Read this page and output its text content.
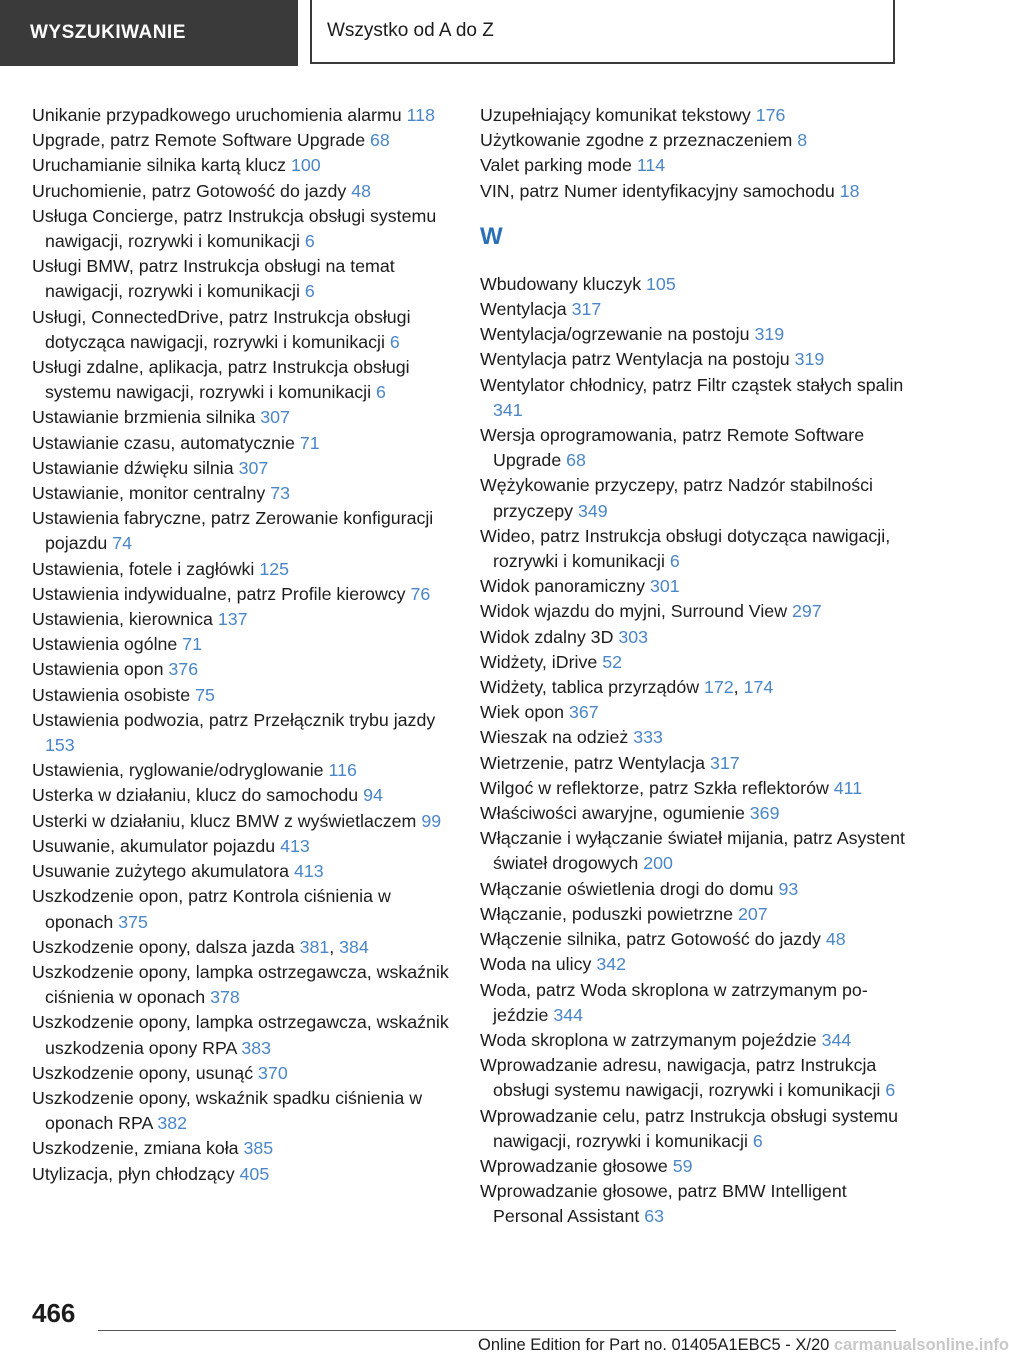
WYSZUKIWANIE	Wszystko od A do Z
Unikanie przypadkowego uruchomienia alarmu 118
Upgrade, patrz Remote Software Upgrade 68
Uruchamianie silnika kartą klucz 100
Uruchomienie, patrz Gotowość do jazdy 48
Usługa Concierge, patrz Instrukcja obsługi systemu nawigacji, rozrywki i komunikacji 6
Usługi BMW, patrz Instrukcja obsługi na temat nawigacji, rozrywki i komunikacji 6
Usługi, ConnectedDrive, patrz Instrukcja obsługi dotycząca nawigacji, rozrywki i komunikacji 6
Usługi zdalne, aplikacja, patrz Instrukcja obsługi systemu nawigacji, rozrywki i komunikacji 6
Ustawianie brzmienia silnika 307
Ustawianie czasu, automatycznie 71
Ustawianie dźwięku silnia 307
Ustawianie, monitor centralny 73
Ustawienia fabryczne, patrz Zerowanie konfiguracji pojazdu 74
Ustawienia, fotele i zagłówki 125
Ustawienia indywidualne, patrz Profile kierowcy 76
Ustawienia, kierownica 137
Ustawienia ogólne 71
Ustawienia opon 376
Ustawienia osobiste 75
Ustawienia podwozia, patrz Przełącznik trybu jazdy 153
Ustawienia, ryglowanie/odryglowanie 116
Usterka w działaniu, klucz do samochodu 94
Usterki w działaniu, klucz BMW z wyświetlaczem 99
Usuwanie, akumulator pojazdu 413
Usuwanie zużytego akumulatora 413
Uszkodzenie opon, patrz Kontrola ciśnienia w oponach 375
Uszkodzenie opony, dalsza jazda 381, 384
Uszkodzenie opony, lampka ostrzegawcza, wskaźnik ciśnienia w oponach 378
Uszkodzenie opony, lampka ostrzegawcza, wskaźnik uszkodzenia opony RPA 383
Uszkodzenie opony, usunąć 370
Uszkodzenie opony, wskaźnik spadku ciśnienia w oponach RPA 382
Uszkodzenie, zmiana koła 385
Utylizacja, płyn chłodzący 405
Uzupełniający komunikat tekstowy 176
Użytkowanie zgodne z przeznaczeniem 8
Valet parking mode 114
VIN, patrz Numer identyfikacyjny samochodu 18
W
Wbudowany kluczyk 105
Wentylacja 317
Wentylacja/ogrzewanie na postoju 319
Wentylacja patrz Wentylacja na postoju 319
Wentylator chłodnicy, patrz Filtr cząstek stałych spalin 341
Wersja oprogramowania, patrz Remote Software Upgrade 68
Wężykowanie przyczepy, patrz Nadzór stabilności przyczepy 349
Wideo, patrz Instrukcja obsługi dotycząca nawigacji, rozrywki i komunikacji 6
Widok panoramiczny 301
Widok wjazdu do myjni, Surround View 297
Widok zdalny 3D 303
Widżety, iDrive 52
Widżety, tablica przyrządów 172, 174
Wiek opon 367
Wieszak na odzież 333
Wietrzenie, patrz Wentylacja 317
Wilgoć w reflektorze, patrz Szkła reflektorów 411
Właściwości awaryjne, ogumienie 369
Włączanie i wyłączanie świateł mijania, patrz Asystent świateł drogowych 200
Włączanie oświetlenia drogi do domu 93
Włączanie, poduszki powietrzne 207
Włączenie silnika, patrz Gotowość do jazdy 48
Woda na ulicy 342
Woda, patrz Woda skroplona w zatrzymanym pojeździe 344
Woda skroplona w zatrzymanym pojeździe 344
Wprowadzanie adresu, nawigacja, patrz Instrukcja obsługi systemu nawigacji, rozrywki i komunikacji 6
Wprowadzanie celu, patrz Instrukcja obsługi systemu nawigacji, rozrywki i komunikacji 6
Wprowadzanie głosowe 59
Wprowadzanie głosowe, patrz BMW Intelligent Personal Assistant 63
466
Online Edition for Part no. 01405A1EBC5 - X/20 carmanualsonline.info
